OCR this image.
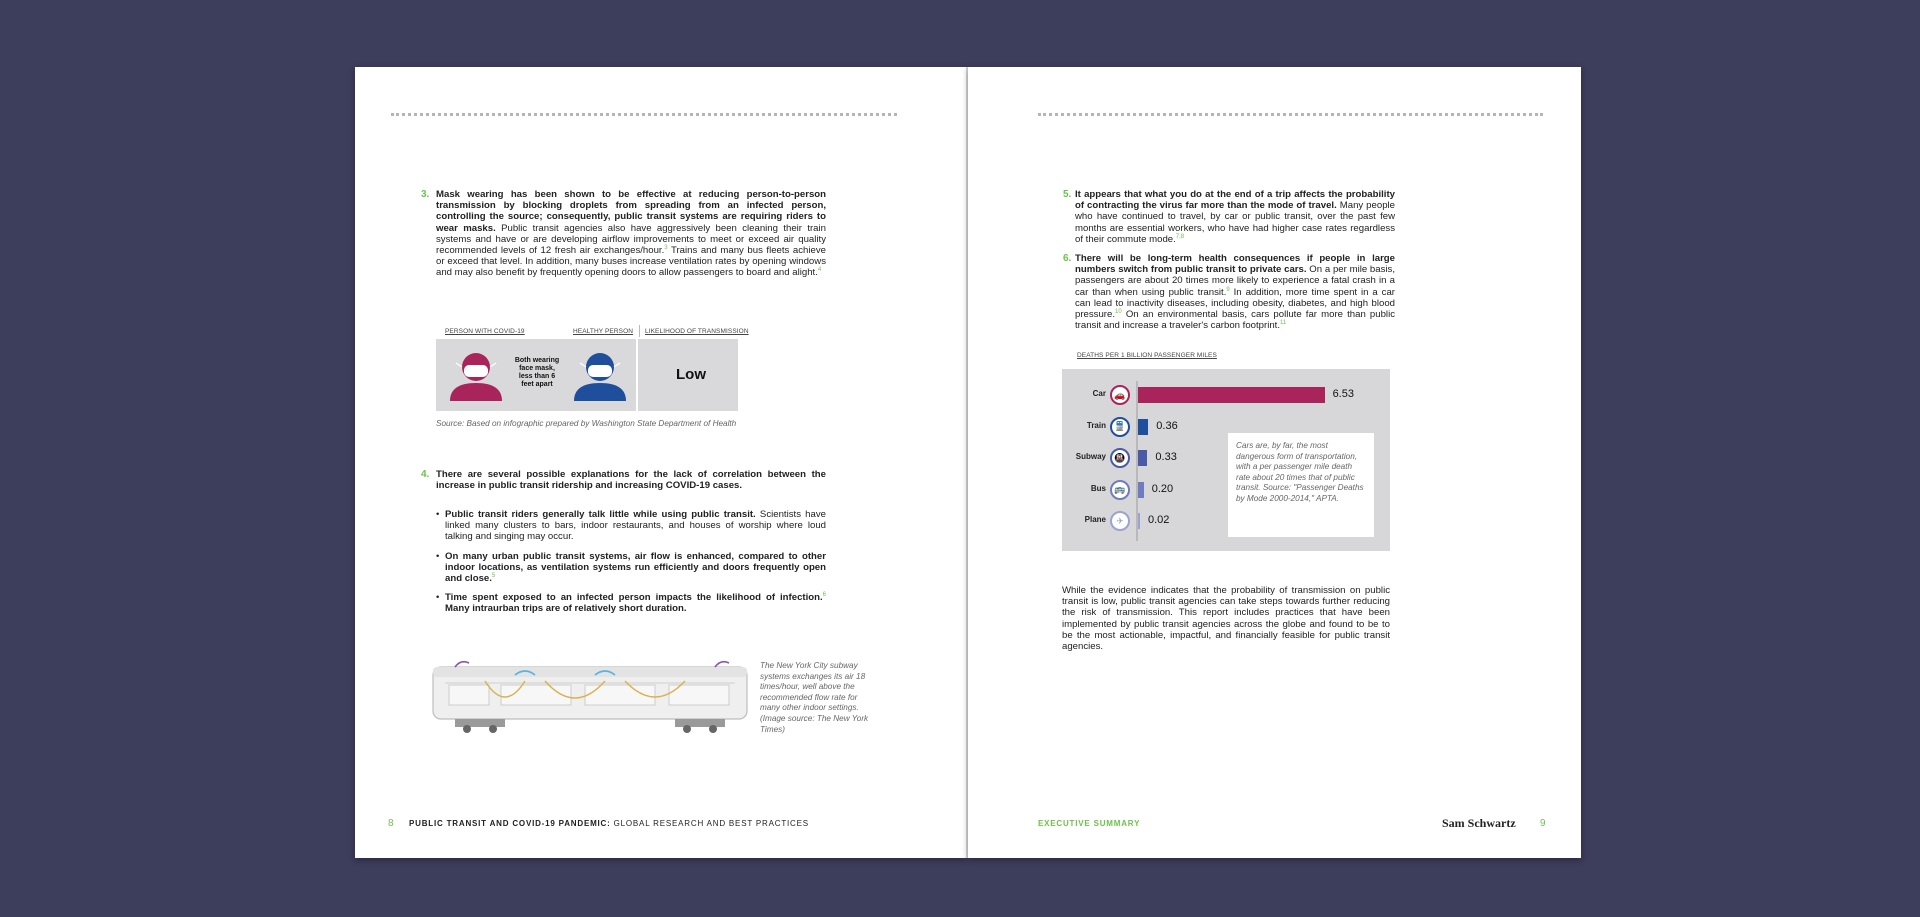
3. Mask wearing has been shown to be effective at reducing person-to-person transmission by blocking droplets from spreading from an infected person, controlling the source; consequently, public transit systems are requiring riders to wear masks. Public transit agencies also have aggressively been cleaning their train systems and have or are developing airflow improvements to meet or exceed air quality recommended levels of 12 fresh air exchanges/hour.$^3$ Trains and many bus fleets achieve or exceed that level. In addition, many buses increase ventilation rates by opening windows and may also benefit by frequently opening doors to allow passengers to board and alight.$^4$
PERSON WITH COVID-19	HEALTHY PERSON LIKELIHOOD OF TRANSMISSION
Both wearing face mask, less than 6 feet apart
Low
Source: Based on infographic prepared by Washington State Department of Health
4. There are several possible explanations for the lack of correlation between the increase in public transit ridership and increasing COVID-19 cases.
• Public transit riders generally talk little while using public transit. Scientists have linked many clusters to bars, indoor restaurants, and houses of worship where loud talking and singing may occur.
• On many urban public transit systems, air flow is enhanced, compared to other indoor locations, as ventilation systems run efficiently and doors frequently open and close.$^5$
• Time spent exposed to an infected person impacts the likelihood of infection.$^6$ Many intraurban trips are of relatively short duration.
The New York City subway systems exchanges its air 18 times/hour, well above the recommended flow rate for many other indoor settings. (Image source: The New York Times)
8 PUBLIC TRANSIT AND COVID-19 PANDEMIC: GLOBAL RESEARCH AND BEST PRACTICES
5. It appears that what you do at the end of a trip affects the probability of contracting the virus far more than the mode of travel. Many people who have continued to travel, by car or public transit, over the past few months are essential workers, who have had higher case rates regardless of their commute mode.$^{7,8}$
6. There will be long-term health consequences if people in large numbers switch from public transit to private cars. On a per mile basis, passengers are about 20 times more likely to experience a fatal crash in a car than when using public transit.$^9$ In addition, more time spent in a car can lead to inactivity diseases, including obesity, diabetes, and high blood pressure.$^{10}$ On an environmental basis, cars pollute far more than public transit and increase a traveler's carbon footprint.$^{11}$
DEATHS PER 1 BILLION PASSENGER MILES
Car 🚗	6.53
Train 🚆	0.36
Subway 🚇	0.33
Bus 🚌	0.20
Plane	✈	0.02
Cars are, by far, the most dangerous form of transportation, with a per passenger mile death rate about 20 times that of public transit. Source: "Passenger Deaths by Mode 2000-2014," APTA.
While the evidence indicates that the probability of transmission on public transit is low, public transit agencies can take steps towards further reducing the risk of transmission. This report includes practices that have been implemented by public transit agencies across the globe and found to be to be the most actionable, impactful, and financially feasible for public transit agencies.
EXECUTIVE SUMMARY	Sam Schwartz 9
